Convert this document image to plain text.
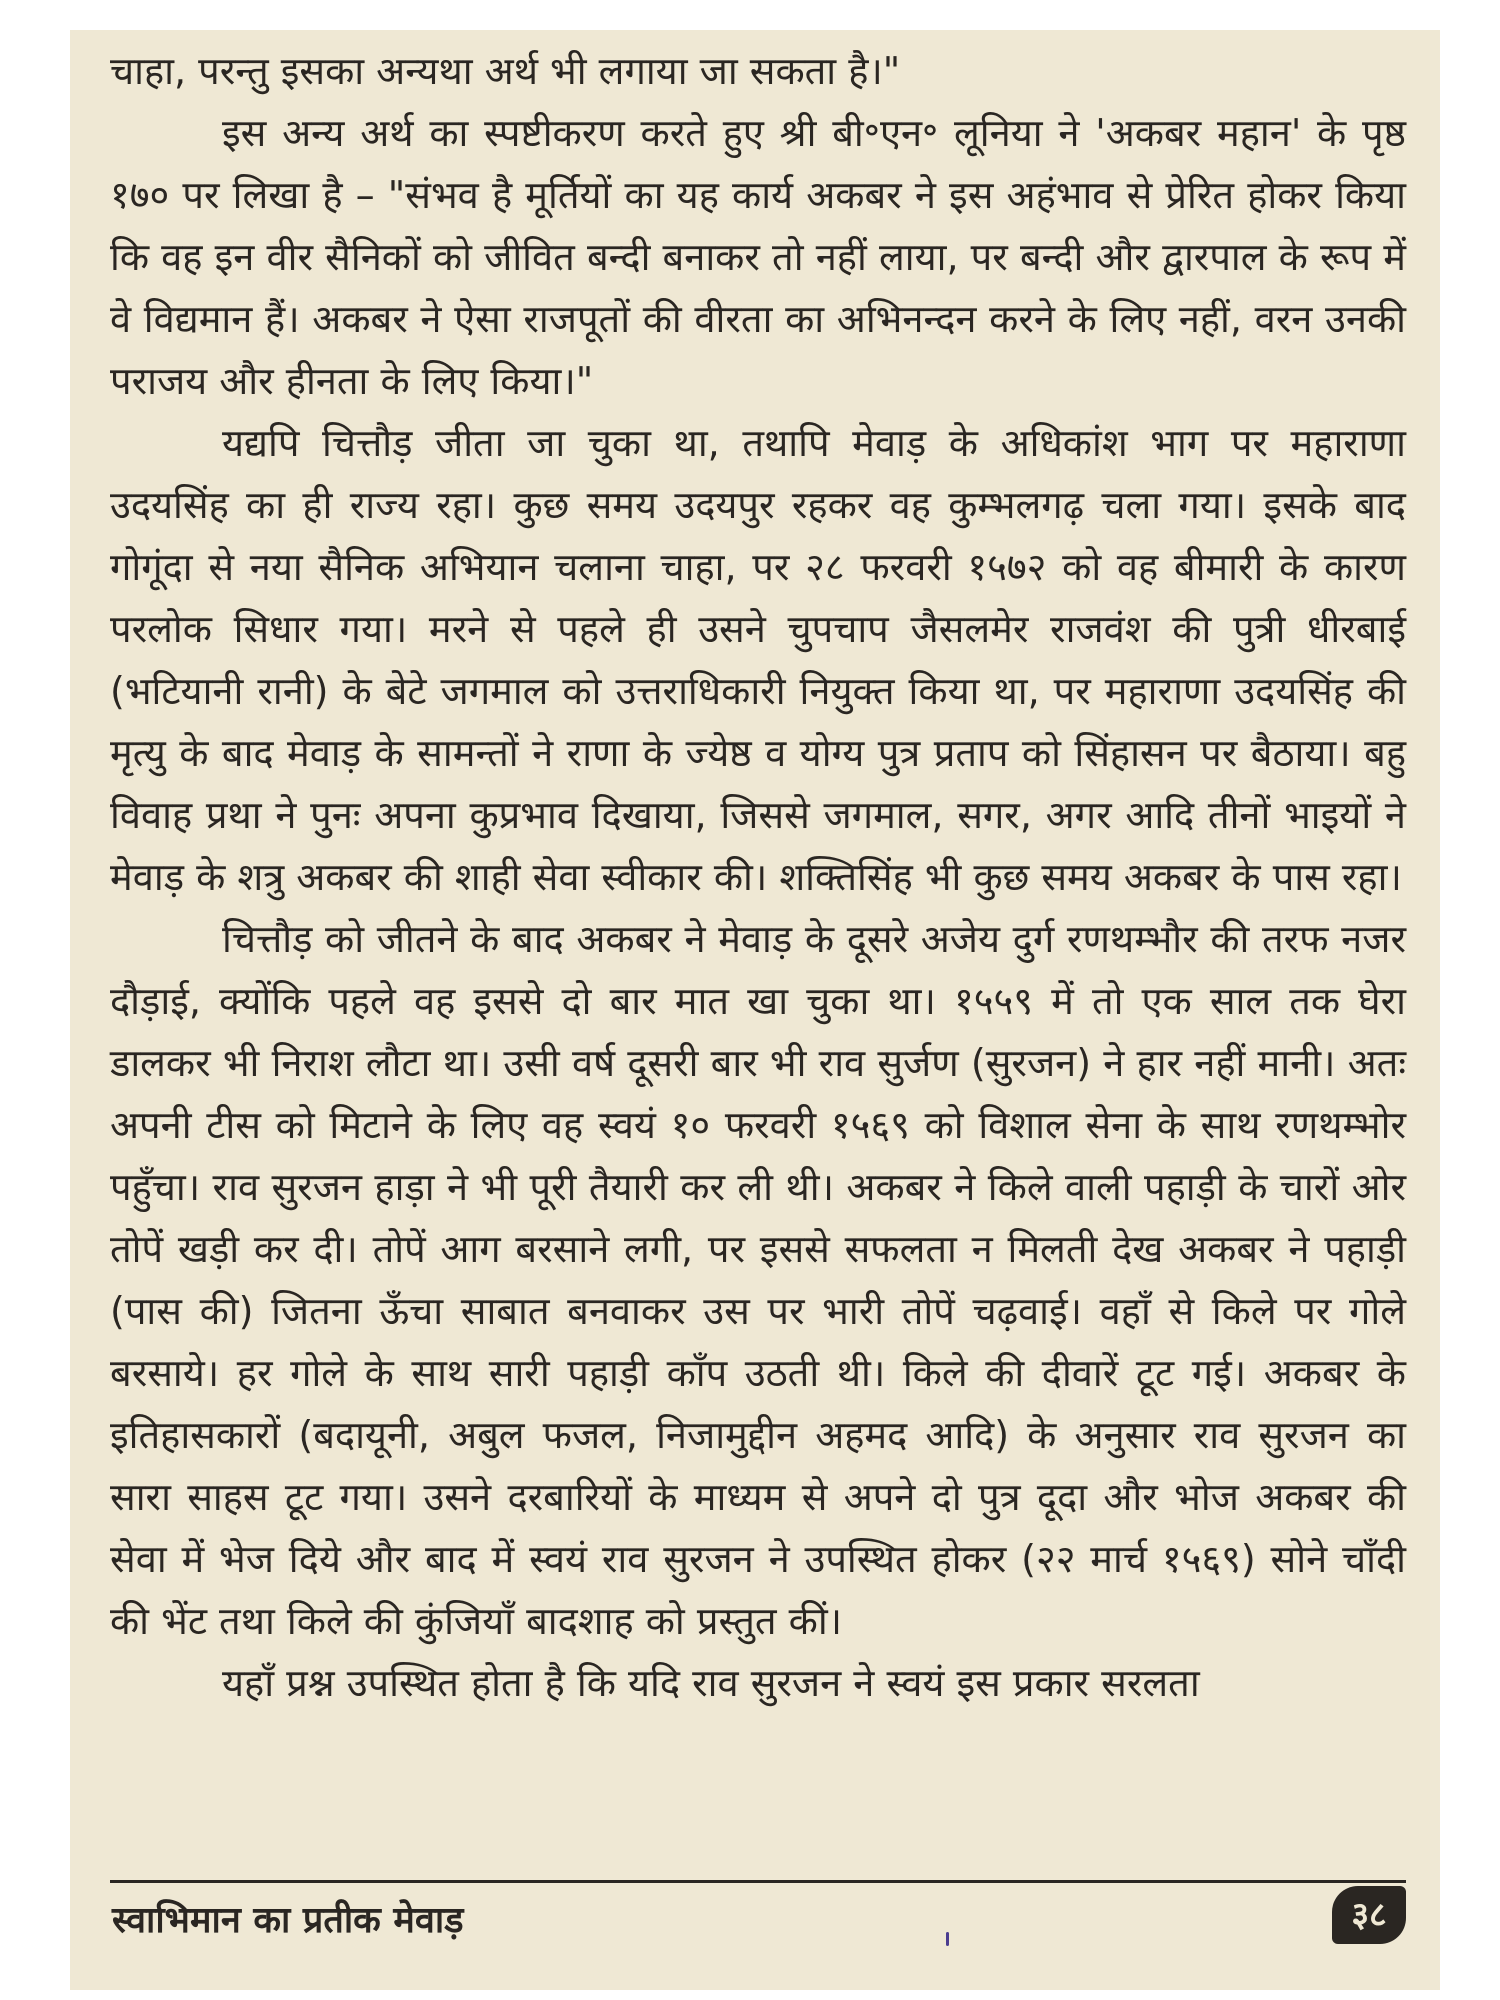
चाहा, परन्तु इसका अन्यथा अर्थ भी लगाया जा सकता है।"

इस अन्य अर्थ का स्पष्टीकरण करते हुए श्री बी॰एन॰ लूनिया ने 'अकबर महान' के पृष्ठ १७० पर लिखा है – "संभव है मूर्तियों का यह कार्य अकबर ने इस अहंभाव से प्रेरित होकर किया कि वह इन वीर सैनिकों को जीवित बन्दी बनाकर तो नहीं लाया, पर बन्दी और द्वारपाल के रूप में वे विद्यमान हैं। अकबर ने ऐसा राजपूतों की वीरता का अभिनन्दन करने के लिए नहीं, वरन उनकी पराजय और हीनता के लिए किया।"

यद्यपि चित्तौड़ जीता जा चुका था, तथापि मेवाड़ के अधिकांश भाग पर महाराणा उदयसिंह का ही राज्य रहा। कुछ समय उदयपुर रहकर वह कुम्भलगढ़ चला गया। इसके बाद गोगूंदा से नया सैनिक अभियान चलाना चाहा, पर २८ फरवरी १५७२ को वह बीमारी के कारण परलोक सिधार गया। मरने से पहले ही उसने चुपचाप जैसलमेर राजवंश की पुत्री धीरबाई (भटियानी रानी) के बेटे जगमाल को उत्तराधिकारी नियुक्त किया था, पर महाराणा उदयसिंह की मृत्यु के बाद मेवाड़ के सामन्तों ने राणा के ज्येष्ठ व योग्य पुत्र प्रताप को सिंहासन पर बैठाया। बहु विवाह प्रथा ने पुनः अपना कुप्रभाव दिखाया, जिससे जगमाल, सगर, अगर आदि तीनों भाइयों ने मेवाड़ के शत्रु अकबर की शाही सेवा स्वीकार की। शक्तिसिंह भी कुछ समय अकबर के पास रहा।

चित्तौड़ को जीतने के बाद अकबर ने मेवाड़ के दूसरे अजेय दुर्ग रणथम्भौर की तरफ नजर दौड़ाई, क्योंकि पहले वह इससे दो बार मात खा चुका था। १५५९ में तो एक साल तक घेरा डालकर भी निराश लौटा था। उसी वर्ष दूसरी बार भी राव सुर्जण (सुरजन) ने हार नहीं मानी। अतः अपनी टीस को मिटाने के लिए वह स्वयं १० फरवरी १५६९ को विशाल सेना के साथ रणथम्भोर पहुँचा। राव सुरजन हाड़ा ने भी पूरी तैयारी कर ली थी। अकबर ने किले वाली पहाड़ी के चारों ओर तोपें खड़ी कर दी। तोपें आग बरसाने लगी, पर इससे सफलता न मिलती देख अकबर ने पहाड़ी (पास की) जितना ऊँचा साबात बनवाकर उस पर भारी तोपें चढ़वाई। वहाँ से किले पर गोले बरसाये। हर गोले के साथ सारी पहाड़ी काँप उठती थी। किले की दीवारें टूट गई। अकबर के इतिहासकारों (बदायूनी, अबुल फजल, निजामुद्दीन अहमद आदि) के अनुसार राव सुरजन का सारा साहस टूट गया। उसने दरबारियों के माध्यम से अपने दो पुत्र दूदा और भोज अकबर की सेवा में भेज दिये और बाद में स्वयं राव सुरजन ने उपस्थित होकर (२२ मार्च १५६९) सोने चाँदी की भेंट तथा किले की कुंजियाँ बादशाह को प्रस्तुत कीं।

यहाँ प्रश्न उपस्थित होता है कि यदि राव सुरजन ने स्वयं इस प्रकार सरलता

स्वाभिमान का प्रतीक मेवाड़	३८
